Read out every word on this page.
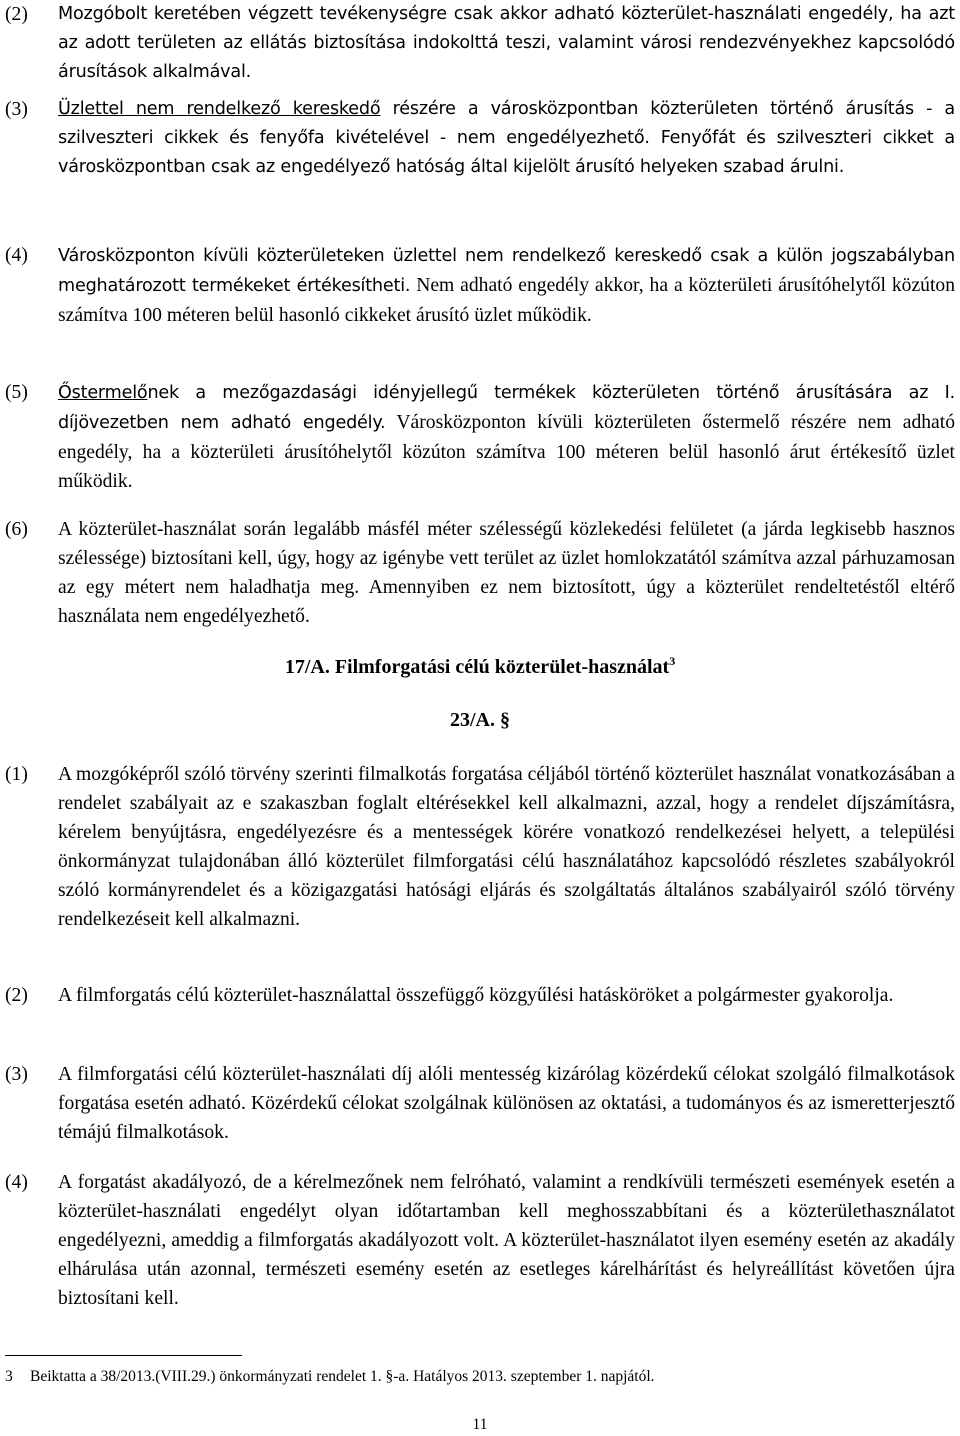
(2)	Mozgóbolt keretében végzett tevékenységre csak akkor adható közterület-használati engedély, ha azt az adott területen az ellátás biztosítása indokolttá teszi, valamint városi rendezvényekhez kapcsolódó árusítások alkalmával.
(3)	Üzlettel nem rendelkező kereskedő részére a városközpontban közterületen történő árusítás - a szilveszteri cikkek és fenyőfa kivételével - nem engedélyezhető. Fenyőfát és szilveszteri cikket a városközpontban csak az engedélyező hatóság által kijelölt árusító helyeken szabad árulni.
(4)	Városközponton kívüli közterületeken üzlettel nem rendelkező kereskedő csak a külön jogszabályban meghatározott termékeket értékesítheti. Nem adható engedély akkor, ha a közterületi árusítóhelytől közúton számítva 100 méteren belül hasonló cikkeket árusító üzlet működik.
(5)	Őstermelőnek a mezőgazdasági idényjellegű termékek közterületen történő árusítására az I. díjövezetben nem adható engedély. Városközponton kívüli közterületen őstermelő részére nem adható engedély, ha a közterületi árusítóhelytől közúton számítva 100 méteren belül hasonló árut értékesítő üzlet működik.
(6)	A közterület-használat során legalább másfél méter szélességű közlekedési felületet (a járda legkisebb hasznos szélessége) biztosítani kell, úgy, hogy az igénybe vett terület az üzlet homlokzatától számítva azzal párhuzamosan az egy métert nem haladhatja meg. Amennyiben ez nem biztosított, úgy a közterület rendeltetéstől eltérő használata nem engedélyezhető.
17/A. Filmforgatási célú közterület-használat$^3$
23/A. §
(1)	A mozgóképről szóló törvény szerinti filmalkotás forgatása céljából történő közterület használat vonatkozásában a rendelet szabályait az e szakaszban foglalt eltérésekkel kell alkalmazni, azzal, hogy a rendelet díjszámításra, kérelem benyújtásra, engedélyezésre és a mentességek körére vonatkozó rendelkezései helyett, a települési önkormányzat tulajdonában álló közterület filmforgatási célú használatához kapcsolódó részletes szabályokról szóló kormányrendelet és a közigazgatási hatósági eljárás és szolgáltatás általános szabályairól szóló törvény rendelkezéseit kell alkalmazni.
(2)	A filmforgatás célú közterület-használattal összefüggő közgyűlési hatásköröket a polgármester gyakorolja.
(3)	A filmforgatási célú közterület-használati díj alóli mentesség kizárólag közérdekű célokat szolgáló filmalkotások forgatása esetén adható. Közérdekű célokat szolgálnak különösen az oktatási, a tudományos és az ismeretterjesztő témájú filmalkotások.
(4)	A forgatást akadályozó, de a kérelmezőnek nem felróható, valamint a rendkívüli természeti események esetén a közterület-használati engedélyt olyan időtartamban kell meghosszabbítani és a közterülethasználatot engedélyezni, ameddig a filmforgatás akadályozott volt. A közterület-használatot ilyen esemény esetén az akadály elhárulása után azonnal, természeti esemény esetén az esetleges kárelhárítást és helyreállítást követően újra biztosítani kell.
3 Beiktatta a 38/2013.(VIII.29.) önkormányzati rendelet 1. §-a. Hatályos 2013. szeptember 1. napjától.
11
